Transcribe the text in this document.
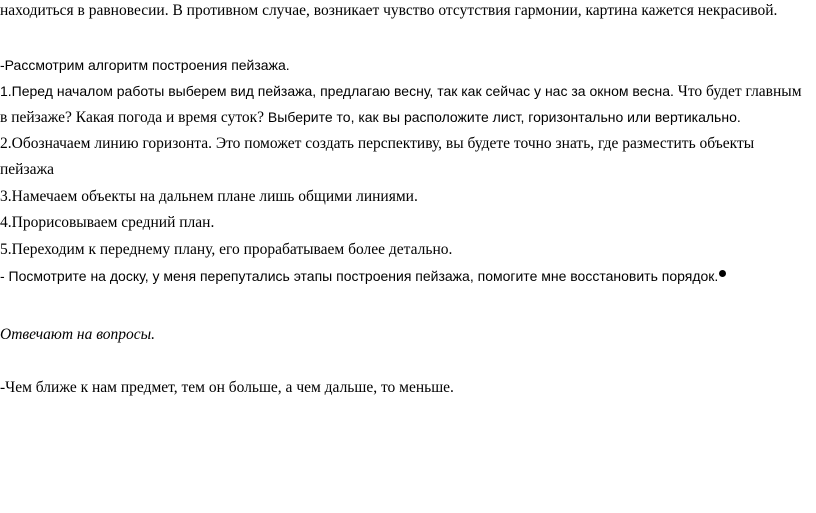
находиться в равновесии. В противном случае, возникает чувство отсутствия гармонии, картина кажется некрасивой.
-Рассмотрим алгоритм построения пейзажа.
1.Перед началом работы выберем вид пейзажа, предлагаю весну, так как сейчас у нас за окном весна. Что будет главным
в пейзаже? Какая погода и время суток? Выберите то, как вы расположите лист, горизонтально или вертикально.
2.Обозначаем линию горизонта. Это поможет создать перспективу, вы будете точно знать, где разместить объекты
пейзажа
3.Намечаем объекты на дальнем плане лишь общими линиями.
4.Прорисовываем средний план.
5.Переходим к переднему плану, его прорабатываем более детально.
- Посмотрите на доску, у меня перепутались этапы построения пейзажа, помогите мне восстановить порядок.
Отвечают на вопросы.
-Чем ближе к нам предмет, тем он больше, а чем дальше, то меньше.
